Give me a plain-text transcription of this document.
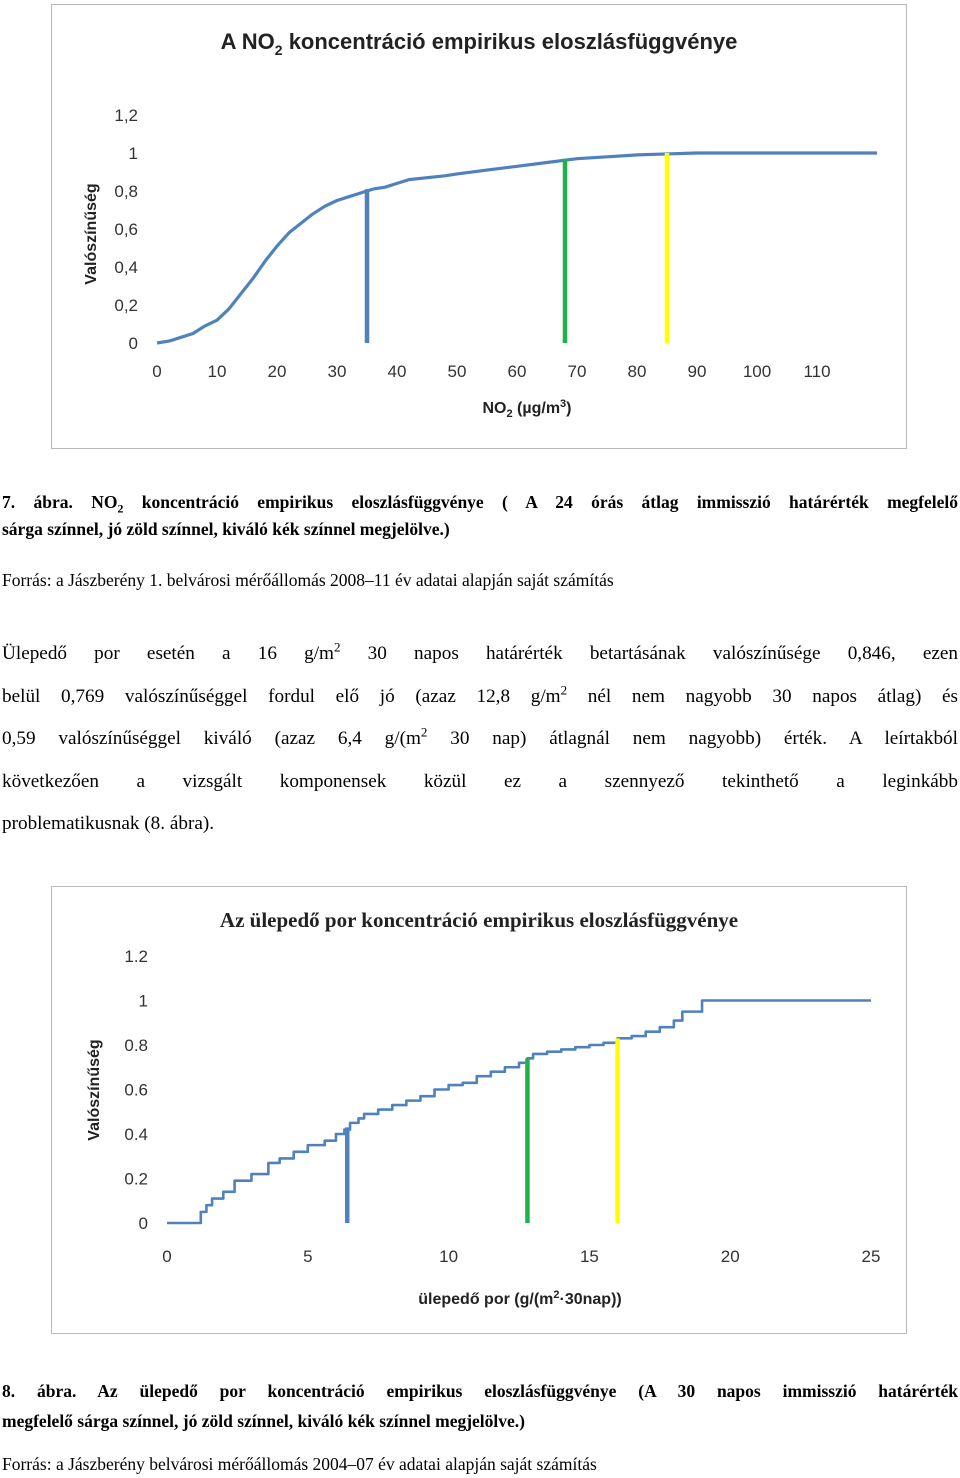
A $NO_2$ koncentráció empirikus eloszlásfüggvénye
$NO_2$ $(\mu g/m^3)$
Valószínűség
0	10 20 30 40 50 60 70 80 90 100 110
0
0,2
0,4
0,6
0,8
1
1,2
7. ábra. $NO_2$ koncentráció empirikus eloszlásfüggvénye ( A 24 órás átlag immisszió határérték megfelelő
sárga színnel, jó zöld színnel, kiváló kék színnel megjelölve.)
Forrás: a Jászberény 1. belvárosi mérőállomás 2008–11 év adatai alapján saját számítás
Ülepedő por esetén a 16 $g/m^2$ 30 napos határérték betartásának valószínűsége 0,846, ezen
belül 0,769 valószínűséggel fordul elő jó (azaz 12,8 $g/m^2$ nél nem nagyobb 30 napos átlag) és
0,59 valószínűséggel kiváló (azaz 6,4 $g/(m^2$ 30 nap) átlagnál nem nagyobb) érték. A leírtakból
következően a vizsgált komponensek közül ez a szennyező tekinthető a leginkább
problematikusnak (8. ábra).
Az ülepedő por koncentráció empirikus eloszlásfüggvénye
ülepedő por $(g/(m^2\cdot 30nap))$
Valószínűség
0	5	10	15	20	25
0
0.2
0.4
0.6
0.8
1
1.2
8. ábra. Az ülepedő por koncentráció empirikus eloszlásfüggvénye (A 30 napos immisszió határérték
megfelelő sárga színnel, jó zöld színnel, kiváló kék színnel megjelölve.)
Forrás: a Jászberény belvárosi mérőállomás 2004–07 év adatai alapján saját számítás
